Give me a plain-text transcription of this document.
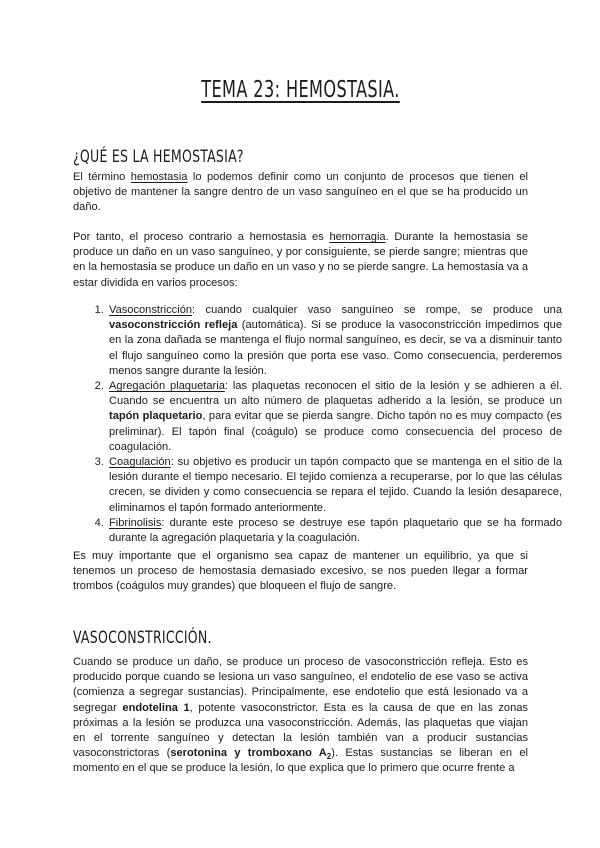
TEMA 23: HEMOSTASIA.
¿QUÉ ES LA HEMOSTASIA?

El término hemostasia lo podemos definir como un conjunto de procesos que tienen el objetivo de mantener la sangre dentro de un vaso sanguíneo en el que se ha producido un daño.

Por tanto, el proceso contrario a hemostasia es hemorragia. Durante la hemostasia se produce un daño en un vaso sanguíneo, y por consiguiente, se pierde sangre; mientras que en la hemostasia se produce un daño en un vaso y no se pierde sangre. La hemostasia va a estar dividida en varios procesos:

1. Vasoconstricción: cuando cualquier vaso sanguíneo se rompe, se produce una vasoconstricción refleja (automática). Si se produce la vasoconstricción impedimos que en la zona dañada se mantenga el flujo normal sanguíneo, es decir, se va a disminuir tanto el flujo sanguíneo como la presión que porta ese vaso. Como consecuencia, perderemos menos sangre durante la lesión.
2. Agregación plaquetaria: las plaquetas reconocen el sitio de la lesión y se adhieren a él. Cuando se encuentra un alto número de plaquetas adherido a la lesión, se produce un tapón plaquetario, para evitar que se pierda sangre. Dicho tapón no es muy compacto (es preliminar). El tapón final (coágulo) se produce como consecuencia del proceso de coagulación.
3. Coagulación: su objetivo es producir un tapón compacto que se mantenga en el sitio de la lesión durante el tiempo necesario. El tejido comienza a recuperarse, por lo que las células crecen, se dividen y como consecuencia se repara el tejido. Cuando la lesión desaparece, eliminamos el tapón formado anteriormente.
4. Fibrinolisis: durante este proceso se destruye ese tapón plaquetario que se ha formado durante la agregación plaquetaria y la coagulación.

Es muy importante que el organismo sea capaz de mantener un equilibrio, ya que si tenemos un proceso de hemostasia demasiado excesivo, se nos pueden llegar a formar trombos (coágulos muy grandes) que bloqueen el flujo de sangre.

VASOCONSTRICCIÓN.

Cuando se produce un daño, se produce un proceso de vasoconstricción refleja. Esto es producido porque cuando se lesiona un vaso sanguíneo, el endotelio de ese vaso se activa (comienza a segregar sustancias). Principalmente, ese endotelio que está lesionado va a segregar endotelina 1, potente vasoconstrictor. Esta es la causa de que en las zonas próximas a la lesión se produzca una vasoconstricción. Además, las plaquetas que viajan en el torrente sanguíneo y detectan la lesión también van a producir sustancias vasoconstrictoras (serotonina y tromboxano $A_2$). Estas sustancias se liberan en el momento en el que se produce la lesión, lo que explica que lo primero que ocurre frente a
